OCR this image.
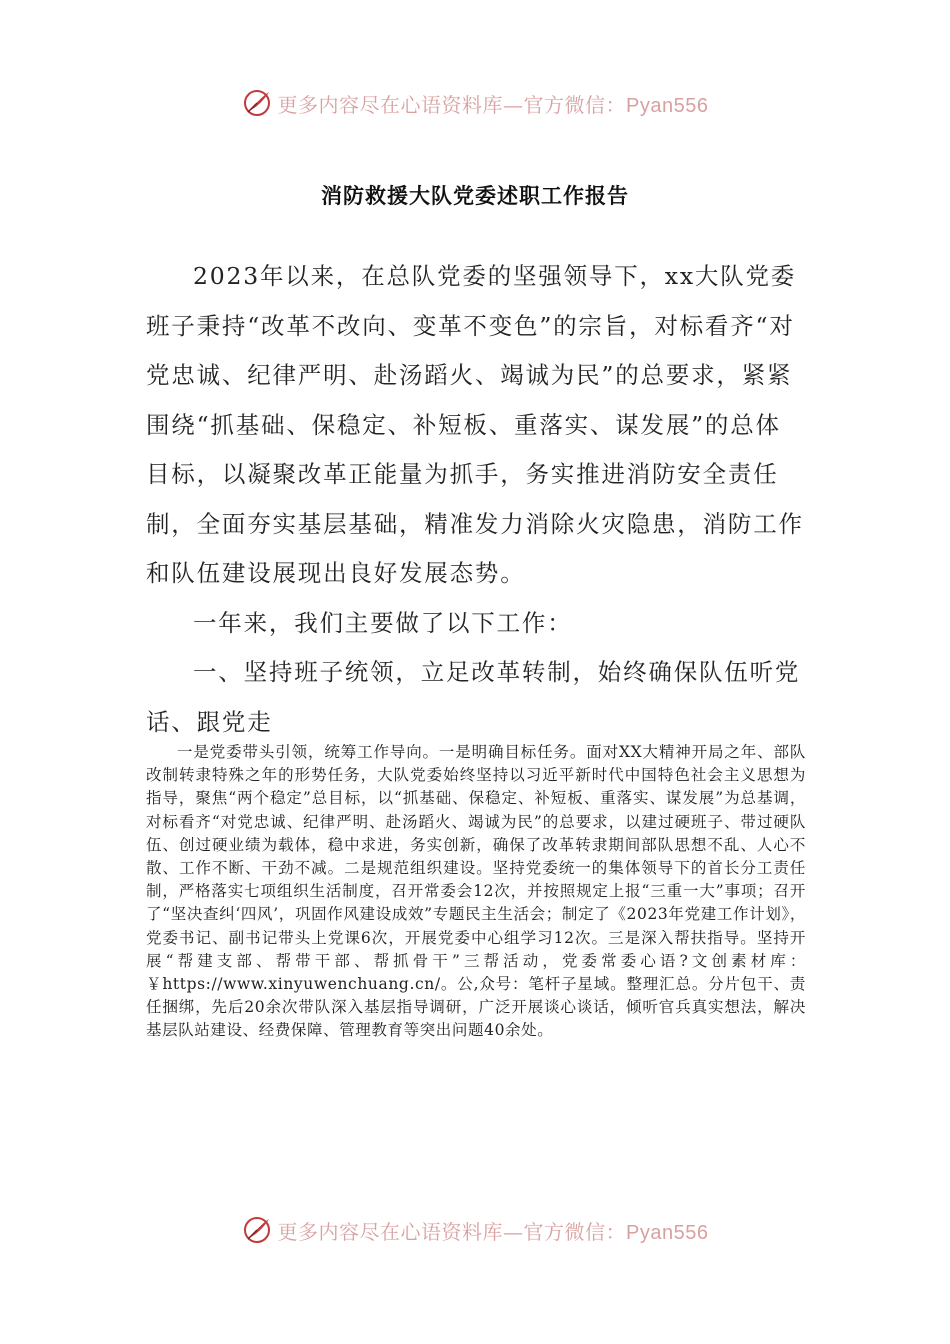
更多内容尽在心语资料库—官方微信：Pyan556
消防救援大队党委述职工作报告

2023年以来，在总队党委的坚强领导下，xx大队党委班子秉持“改革不改向、变革不变色”的宗旨，对标看齐“对党忠诚、纪律严明、赴汤蹈火、竭诚为民”的总要求，紧紧围绕“抓基础、保稳定、补短板、重落实、谋发展”的总体目标，以凝聚改革正能量为抓手，务实推进消防安全责任制，全面夯实基层基础，精准发力消除火灾隐患，消防工作和队伍建设展现出良好发展态势。

一年来，我们主要做了以下工作：

一、坚持班子统领，立足改革转制，始终确保队伍听党话、跟党走

一是党委带头引领，统筹工作导向。一是明确目标任务。面对XX大精神开局之年、部队改制转隶特殊之年的形势任务，大队党委始终坚持以习近平新时代中国特色社会主义思想为指导，聚焦“两个稳定”总目标，以“抓基础、保稳定、补短板、重落实、谋发展”为总基调，对标看齐“对党忠诚、纪律严明、赴汤蹈火、竭诚为民”的总要求，以建过硬班子、带过硬队伍、创过硬业绩为载体，稳中求进，务实创新，确保了改革转隶期间部队思想不乱、人心不散、工作不断、干劲不减。二是规范组织建设。坚持党委统一的集体领导下的首长分工责任制，严格落实七项组织生活制度，召开常委会12次，并按照规定上报“三重一大”事项；召开了“坚决查纠‘四风’，巩固作风建设成效”专题民主生活会；制定了《2023年党建工作计划》，党委书记、副书记带头上党课6次，开展党委中心组学习12次。三是深入帮扶指导。坚持开展“帮建支部、帮带干部、帮抓骨干”三帮活动，党委常委心语?文创素材库：￥https://www.xinyuwenchuang.cn/。公,众号：笔杆子星域。整理汇总。分片包干、责任捆绑，先后20余次带队深入基层指导调研，广泛开展谈心谈话，倾听官兵真实想法，解决基层队站建设、经费保障、管理教育等突出问题40余处。

更多内容尽在心语资料库—官方微信：Pyan556
